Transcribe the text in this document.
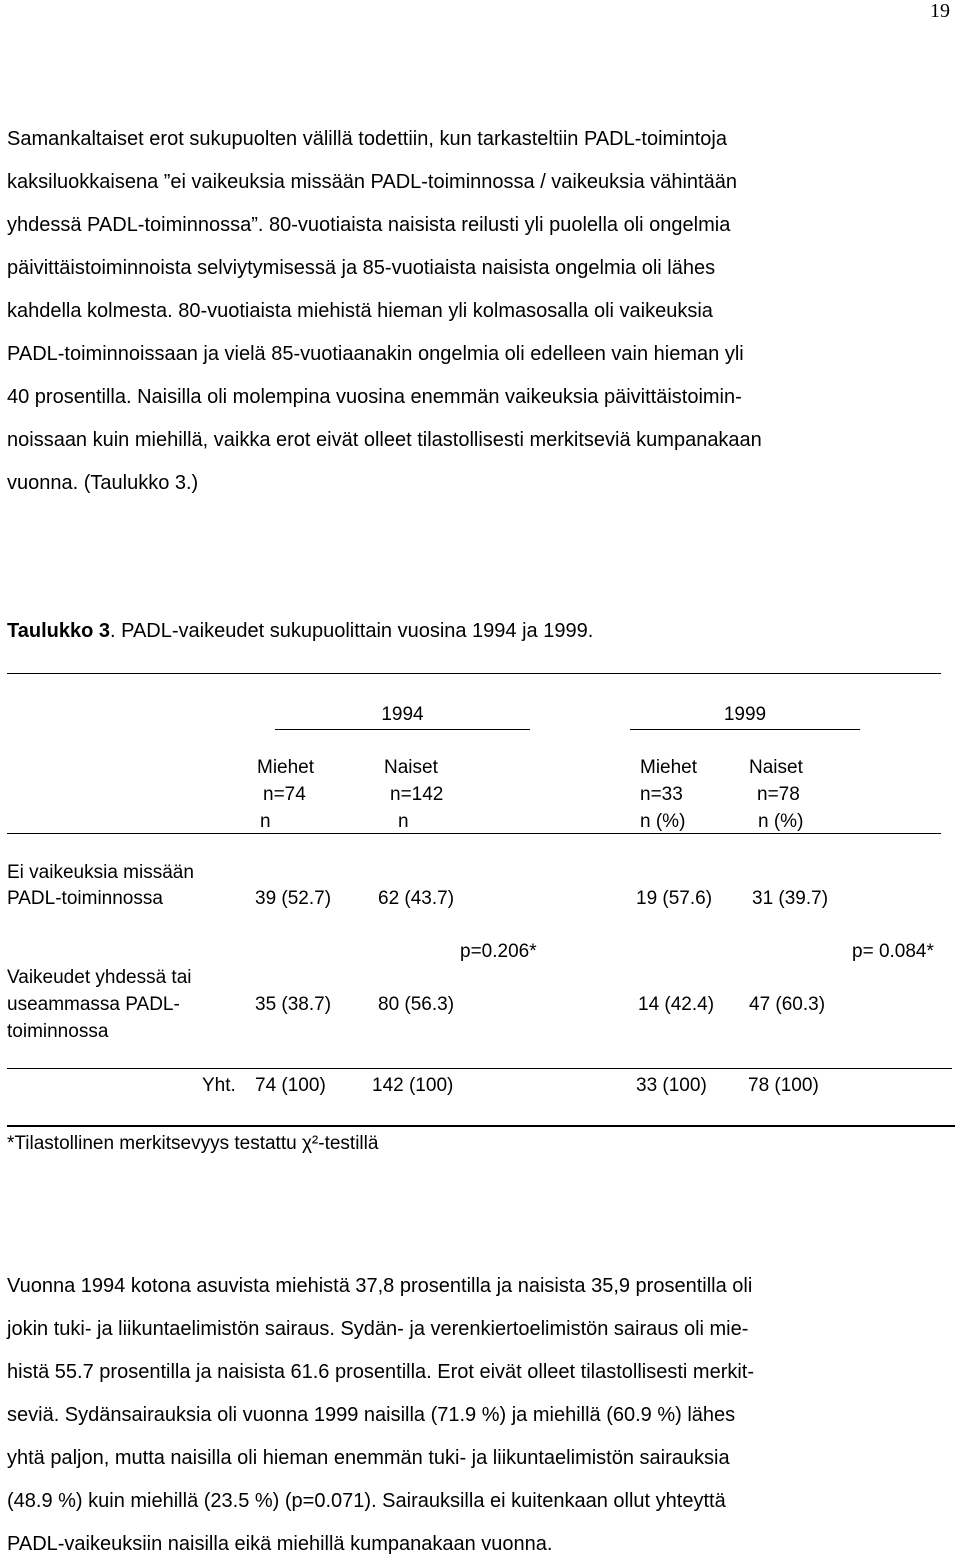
19
Samankaltaiset erot sukupuolten välillä todettiin, kun tarkasteltiin PADL-toimintoja
kaksiluokkaisena ”ei vaikeuksia missään PADL-toiminnossa / vaikeuksia vähintään
yhdessä PADL-toiminnossa”. 80-vuotiaista naisista reilusti yli puolella oli ongelmia
päivittäistoiminnoista selviytymisessä ja 85-vuotiaista naisista ongelmia oli lähes
kahdella kolmesta. 80-vuotiaista miehistä hieman yli kolmasosalla oli vaikeuksia
PADL-toiminnoissaan ja vielä 85-vuotiaanakin ongelmia oli edelleen vain hieman yli
40 prosentilla. Naisilla oli molempina vuosina enemmän vaikeuksia päivittäistoimin-
noissaan kuin miehillä, vaikka erot eivät olleet tilastollisesti merkitseviä kumpanakaan
vuonna. (Taulukko 3.)
Taulukko 3. PADL-vaikeudet sukupuolittain vuosina 1994 ja 1999.
1994	1999
Miehet	Naiset	Miehet	Naiset
n=74	n=142	n=33	n=78
n	n	n (%)	n (%)
Ei vaikeuksia missään
PADL-toiminnossa	39 (52.7) 62 (43.7)	19 (57.6) 31 (39.7)
p=0.206*	p= 0.084*
Vaikeudet yhdessä tai
useammassa PADL-
toiminnossa
35 (38.7) 80 (56.3)	14 (42.4) 47 (60.3)
Yht. 74 (100) 142 (100)	33 (100) 78 (100)
*Tilastollinen merkitsevyys testattu χ²-testillä
Vuonna 1994 kotona asuvista miehistä 37,8 prosentilla ja naisista 35,9 prosentilla oli
jokin tuki- ja liikuntaelimistön sairaus. Sydän- ja verenkiertoelimistön sairaus oli mie-
histä 55.7 prosentilla ja naisista 61.6 prosentilla. Erot eivät olleet tilastollisesti merkit-
seviä. Sydänsairauksia oli vuonna 1999 naisilla (71.9 %) ja miehillä (60.9 %) lähes
yhtä paljon, mutta naisilla oli hieman enemmän tuki- ja liikuntaelimistön sairauksia
(48.9 %) kuin miehillä (23.5 %) (p=0.071). Sairauksilla ei kuitenkaan ollut yhteyttä
PADL-vaikeuksiin naisilla eikä miehillä kumpanakaan vuonna.
